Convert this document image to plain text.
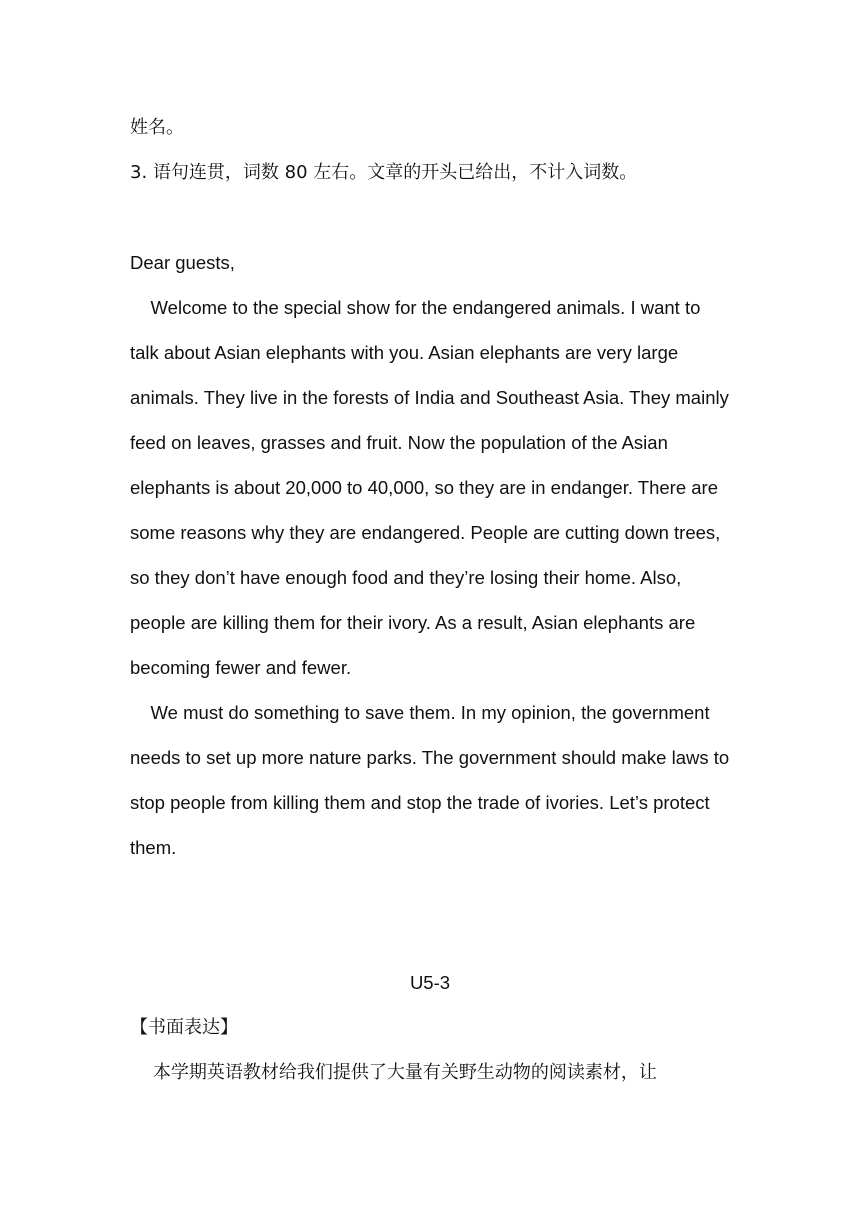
姓名。
3. 语句连贯，词数 80 左右。文章的开头已给出，不计入词数。
Dear guests,
Welcome to the special show for the endangered animals. I want to
talk about Asian elephants with you. Asian elephants are very large
animals. They live in the forests of India and Southeast Asia. They mainly
feed on leaves, grasses and fruit. Now the population of the Asian
elephants is about 20,000 to 40,000, so they are in endanger. There are
some reasons why they are endangered. People are cutting down trees,
so they don’t have enough food and they’re losing their home. Also,
people are killing them for their ivory. As a result, Asian elephants are
becoming fewer and fewer.
We must do something to save them. In my opinion, the government
needs to set up more nature parks. The government should make laws to
stop people from killing them and stop the trade of ivories. Let’s protect
them.
U5-3
【书面表达】
本学期英语教材给我们提供了大量有关野生动物的阅读素材，让
